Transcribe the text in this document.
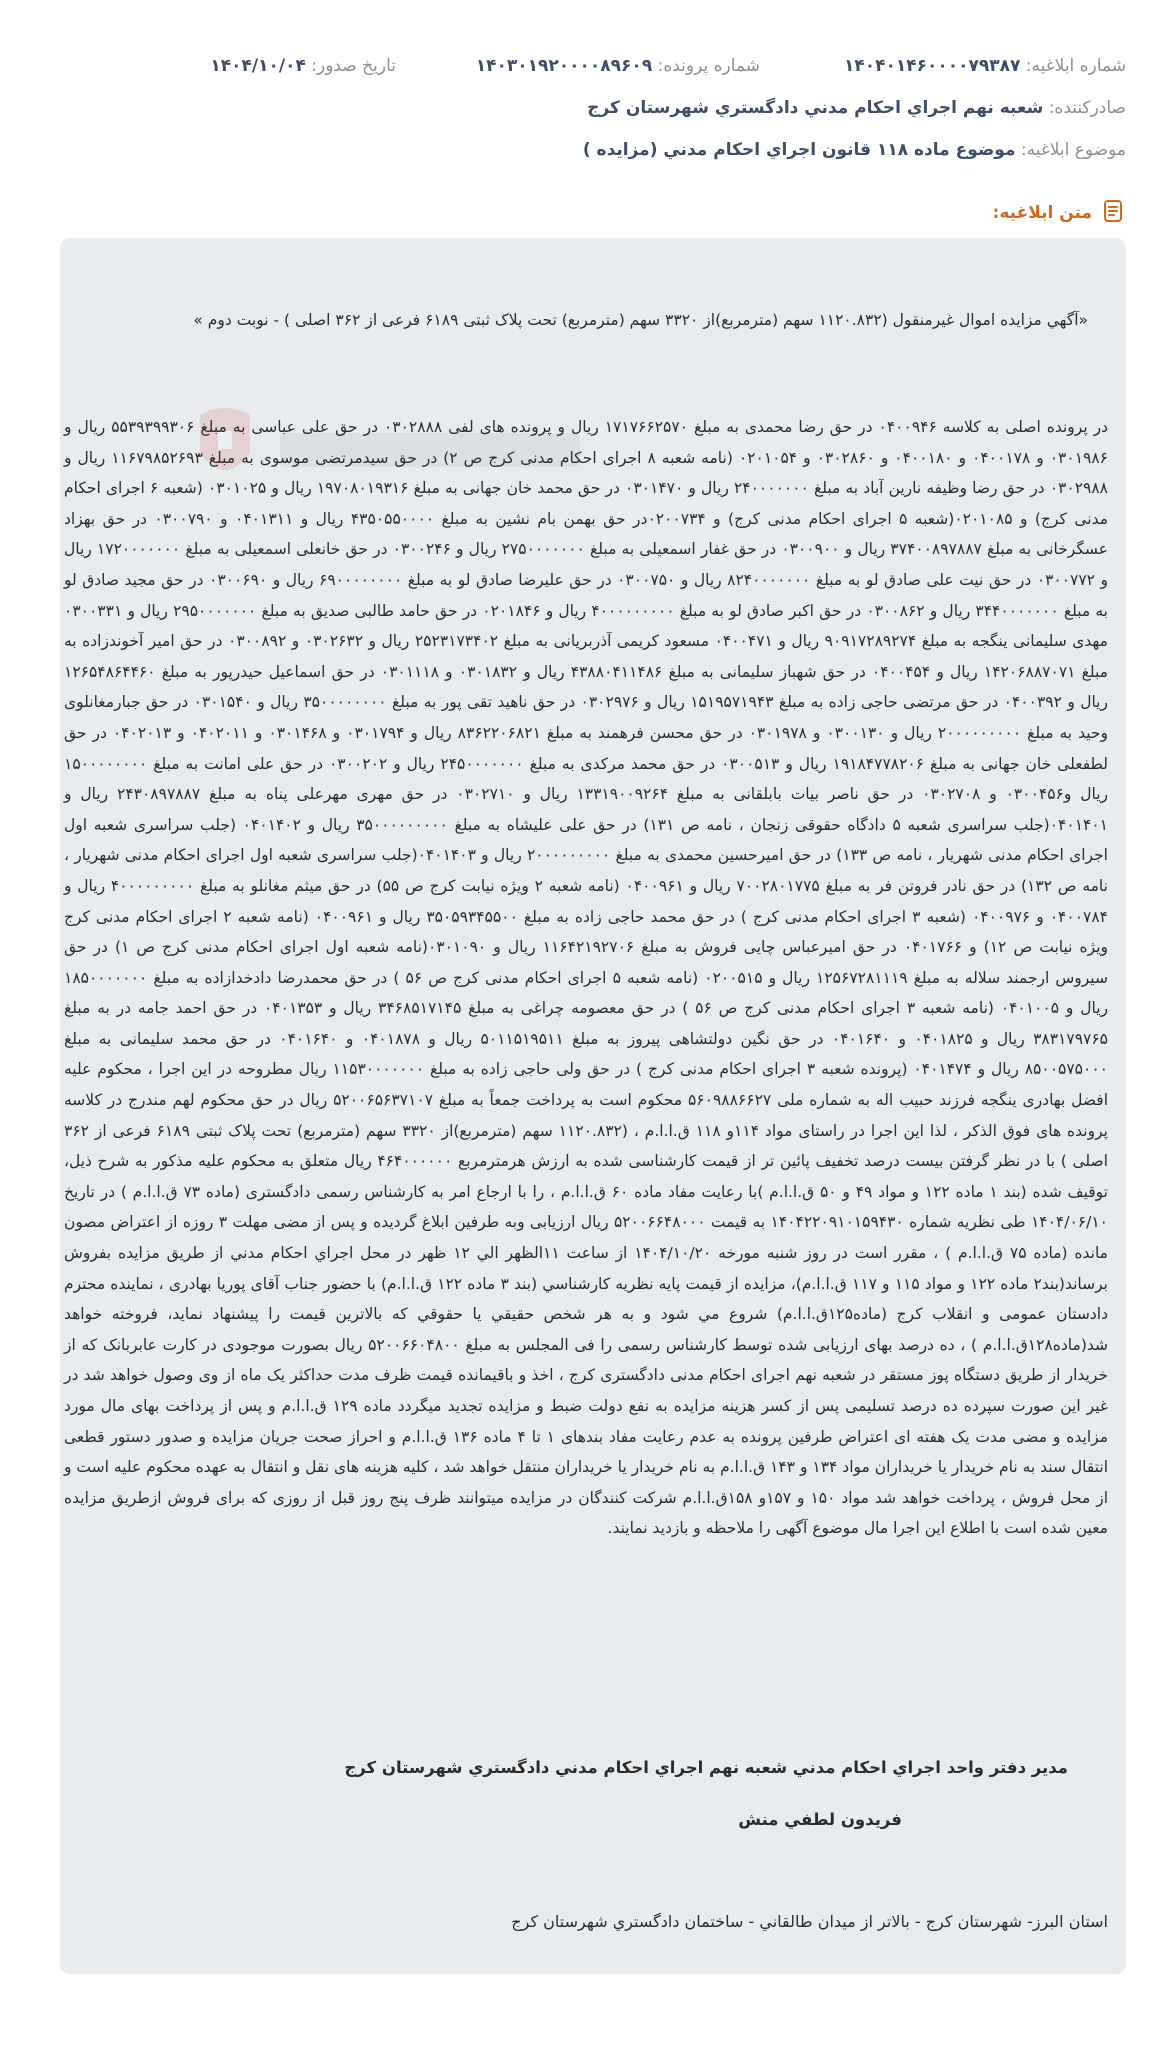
شماره ابلاغیه: ۱۴۰۴۰۱۴۶۰۰۰۰۷۹۳۸۷
شماره پرونده: ۱۴۰۳۰۱۹۲۰۰۰۰۸۹۶۰۹
تاریخ صدور: ۱۴۰۴/۱۰/۰۴
صادرکننده: شعبه نهم اجراي احكام مدني دادگستري شهرستان كرج
موضوع ابلاغیه: موضوع ماده ۱۱۸ قانون اجراي احكام مدني (مزايده )
متن ابلاغیه:
«آگهي مزايده اموال غيرمنقول (۱۱۲۰.۸۳۲ سهم (مترمربع)از ۳۳۲۰ سهم (مترمربع) تحت پلاک ثبتی ۶۱۸۹ فرعی از ۳۶۲ اصلی ) - نوبت دوم »
در پرونده اصلی به کلاسه ۰۴۰۰۹۴۶ در حق رضا محمدی به مبلغ ۱۷۱۷۶۶۲۵۷۰ ریال و پرونده های لفی ۰۳۰۲۸۸۸ در حق علی عباسی به مبلغ ۵۵۳۹۳۹۹۳۰۶ ریال و ۰۳۰۱۹۸۶ و ۰۴۰۰۱۷۸ و ۰۴۰۰۱۸۰ و ۰۳۰۲۸۶۰ و ۰۲۰۱۰۵۴ (نامه شعبه ۸ اجرای احکام مدنی کرج ص ۲) در حق سیدمرتضی موسوی به مبلغ ۱۱۶۷۹۸۵۲۶۹۳ ریال و ۰۳۰۲۹۸۸ در حق رضا وظیفه نارین آباد به مبلغ ۲۴۰۰۰۰۰۰۰ ریال و ۰۳۰۱۴۷۰ در حق محمد خان جهانی به مبلغ ۱۹۷۰۸۰۱۹۳۱۶ ریال و ۰۳۰۱۰۲۵ (شعبه ۶ اجرای احکام مدنی کرج) و ۰۲۰۱۰۸۵(شعبه ۵ اجرای احکام مدنی کرج) و ۰۲۰۰۷۳۴در حق بهمن بام نشین به مبلغ ۴۳۵۰۵۵۰۰۰۰ ریال و ۰۴۰۱۳۱۱ و ۰۳۰۰۷۹۰ در حق بهزاد عسگرخانی به مبلغ ۳۷۴۰۰۸۹۷۸۸۷ ریال و ۰۳۰۰۹۰۰ در حق غفار اسمعیلی به مبلغ ۲۷۵۰۰۰۰۰۰۰ ریال و ۰۳۰۰۲۴۶ در حق خانعلی اسمعیلی به مبلغ ۱۷۲۰۰۰۰۰۰۰ ریال و ۰۳۰۰۷۷۲ در حق نیت علی صادق لو به مبلغ ۸۲۴۰۰۰۰۰۰۰ ریال و ۰۳۰۰۷۵۰ در حق علیرضا صادق لو به مبلغ ۶۹۰۰۰۰۰۰۰۰ ریال و ۰۳۰۰۶۹۰ در حق مجید صادق لو به مبلغ ۳۴۴۰۰۰۰۰۰۰ ریال و ۰۳۰۰۸۶۲ در حق اکبر صادق لو به مبلغ ۴۰۰۰۰۰۰۰۰۰ ریال و ۰۲۰۱۸۴۶ در حق حامد طالبی صدیق به مبلغ ۲۹۵۰۰۰۰۰۰۰ ریال و ۰۳۰۰۳۳۱ مهدی سلیمانی ینگجه به مبلغ ۹۰۹۱۷۲۸۹۲۷۴ ریال و ۰۴۰۰۴۷۱ مسعود کریمی آذربریانی به مبلغ ۲۵۲۳۱۷۳۴۰۲ ریال و ۰۳۰۲۶۳۲ و ۰۳۰۰۸۹۲ در حق امیر آخوندزاده به مبلغ ۱۴۲۰۶۸۸۷۰۷۱ ریال و ۰۴۰۰۴۵۴ در حق شهباز سلیمانی به مبلغ ۴۳۸۸۰۴۱۱۴۸۶ ریال و ۰۳۰۱۸۳۲ و ۰۳۰۱۱۱۸ در حق اسماعیل حیدرپور به مبلغ ۱۲۶۵۴۸۶۴۴۶۰ ریال و ۰۴۰۰۳۹۲ در حق مرتضی حاجی زاده به مبلغ ۱۵۱۹۵۷۱۹۴۳ ریال و ۰۳۰۲۹۷۶ در حق ناهید تقی پور به مبلغ ۳۵۰۰۰۰۰۰۰۰ ریال و ۰۳۰۱۵۴۰ در حق جبارمغانلوی وحید به مبلغ ۲۰۰۰۰۰۰۰۰۰ ریال و ۰۳۰۰۱۳۰ و ۰۳۰۱۹۷۸ در حق محسن فرهمند به مبلغ ۸۳۶۲۲۰۶۸۲۱ ریال و ۰۳۰۱۷۹۴ و ۰۳۰۱۴۶۸ و ۰۴۰۲۰۱۱ و ۰۴۰۲۰۱۳ در حق لطفعلی خان جهانی به مبلغ ۱۹۱۸۴۷۷۸۲۰۶ ریال و ۰۳۰۰۵۱۳ در حق محمد مرکدی به مبلغ ۲۴۵۰۰۰۰۰۰۰ ریال و ۰۳۰۰۲۰۲ در حق علی امانت به مبلغ ۱۵۰۰۰۰۰۰۰۰ ریال و۰۳۰۰۴۵۶ و ۰۳۰۲۷۰۸ در حق ناصر بیات بابلقانی به مبلغ ۱۳۳۱۹۰۰۹۲۶۴ ریال و ۰۳۰۲۷۱۰ در حق مهری مهرعلی پناه به مبلغ ۲۴۳۰۸۹۷۸۸۷ ریال و ۰۴۰۱۴۰۱(جلب سراسری شعبه ۵ دادگاه حقوقی زنجان ، نامه ص ۱۳۱) در حق علی علیشاه به مبلغ ۳۵۰۰۰۰۰۰۰۰۰ ریال و ۰۴۰۱۴۰۲ (جلب سراسری شعبه اول اجرای احکام مدنی شهریار ، نامه ص ۱۳۳) در حق امیرحسین محمدی به مبلغ ۲۰۰۰۰۰۰۰۰۰ ریال و ۰۴۰۱۴۰۳(جلب سراسری شعبه اول اجرای احکام مدنی شهریار ، نامه ص ۱۳۲) در حق نادر فروتن فر به مبلغ ۷۰۰۲۸۰۱۷۷۵ ریال و ۰۴۰۰۹۶۱ (نامه شعبه ۲ ویژه نیابت کرج ص ۵۵) در حق میثم مغانلو به مبلغ ۴۰۰۰۰۰۰۰۰۰ ریال و ۰۴۰۰۷۸۴ و ۰۴۰۰۹۷۶ (شعبه ۳ اجرای احکام مدنی کرج ) در حق محمد حاجی زاده به مبلغ ۳۵۰۵۹۳۴۵۵۰۰ ریال و ۰۴۰۰۹۶۱ (نامه شعبه ۲ اجرای احکام مدنی کرج ویژه نیابت ص ۱۲) و ۰۴۰۱۷۶۶ در حق امیرعباس چایی فروش به مبلغ ۱۱۶۴۲۱۹۲۷۰۶ ریال و ۰۳۰۱۰۹۰(نامه شعبه اول اجرای احکام مدنی کرج ص ۱) در حق سیروس ارجمند سلاله به مبلغ ۱۲۵۶۷۲۸۱۱۱۹ ریال و ۰۲۰۰۵۱۵ (نامه شعبه ۵ اجرای احکام مدنی کرج ص ۵۶ ) در حق محمدرضا دادخدازاده به مبلغ ۱۸۵۰۰۰۰۰۰۰ ریال و ۰۴۰۱۰۰۵ (نامه شعبه ۳ اجرای احکام مدنی کرج ص ۵۶ ) در حق معصومه چراغی به مبلغ ۳۴۶۸۵۱۷۱۴۵ ریال و ۰۴۰۱۳۵۳ در حق احمد جامه در به مبلغ ۳۸۳۱۷۹۷۶۵ ریال و ۰۴۰۱۸۲۵ و ۰۴۰۱۶۴۰ در حق نگین دولتشاهی پیروز به مبلغ ۵۰۱۱۵۱۹۵۱۱ ریال و ۰۴۰۱۸۷۸ و ۰۴۰۱۶۴۰ در حق محمد سلیمانی به مبلغ ۸۵۰۰۵۷۵۰۰۰ ریال و ۰۴۰۱۴۷۴ (پرونده شعبه ۳ اجرای احکام مدنی کرج ) در حق ولی حاجی زاده به مبلغ ۱۱۵۳۰۰۰۰۰۰۰ ریال مطروحه در این اجرا ، محکوم علیه افضل بهادری ینگجه فرزند حبیب اله به شماره ملی ۵۶۰۹۸۸۶۶۲۷ محکوم است به پرداخت جمعاً به مبلغ ۵۲۰۰۶۵۶۳۷۱۰۷ ریال در حق محکوم لهم مندرج در کلاسه پرونده های فوق الذکر ، لذا این اجرا در راستای مواد ۱۱۴و ۱۱۸ ق.ا.ا.م ، (۱۱۲۰.۸۳۲ سهم (مترمربع)از ۳۳۲۰ سهم (مترمربع) تحت پلاک ثبتی ۶۱۸۹ فرعی از ۳۶۲ اصلی ) با در نظر گرفتن بیست درصد تخفیف پائین تر از قیمت کارشناسی شده به ارزش هرمترمربع ۴۶۴۰۰۰۰۰۰ ریال متعلق به محکوم علیه مذکور به شرح ذیل، توقیف شده (بند ۱ ماده ۱۲۲ و مواد ۴۹ و ۵۰ ق.ا.ا.م )با رعایت مفاد ماده ۶۰ ق.ا.ا.م ، را با ارجاع امر به کارشناس رسمی دادگستری (ماده ۷۳ ق.ا.ا.م ) در تاریخ ۱۴۰۴/۰۶/۱۰ طی نظریه شماره ۱۴۰۴۲۲۰۹۱۰۱۵۹۴۳۰ به قیمت ۵۲۰۰۶۶۴۸۰۰۰ ریال ارزیابی وبه طرفین ابلاغ گردیده و پس از مضی مهلت ۳ روزه از اعتراض مصون مانده (ماده ۷۵ ق.ا.ا.م ) ، مقرر است در روز شنبه مورخه ۱۴۰۴/۱۰/۲۰ از ساعت ۱۱الظهر الي ۱۲ ظهر در محل اجراي احكام مدني از طريق مزايده بفروش برساند(بند۲ ماده ۱۲۲ و مواد ۱۱۵ و ۱۱۷ ق.ا.ا.م)، مزايده از قيمت پايه نظريه كارشناسي (بند ۳ ماده ۱۲۲ ق.ا.ا.م) با حضور جناب آقای پوریا بهادری ، نماینده محترم دادستان عمومی و انقلاب کرج (ماده۱۲۵ق.ا.ا.م) شروع مي شود و به هر شخص حقيقي يا حقوقي كه بالاترين قيمت را پيشنهاد نمايد، فروخته خواهد شد(ماده۱۲۸ق.ا.ا.م ) ، ده درصد بهای ارزیابی شده توسط کارشناس رسمی را فی المجلس به مبلغ ۵۲۰۰۶۶۰۴۸۰۰ ریال بصورت موجودی در کارت عابربانک که از خریدار از طریق دستگاه پوز مستقر در شعبه نهم اجرای احکام مدنی دادگستری کرج ، اخذ و باقیمانده قیمت ظرف مدت حداکثر یک ماه از وی وصول خواهد شد در غیر این صورت سپرده ده درصد تسلیمی پس از کسر هزینه مزایده به نفع دولت ضبط و مزایده تجدید میگردد ماده ۱۲۹ ق.ا.ا.م و پس از پرداخت بهای مال مورد مزایده و مضی مدت یک هفته ای اعتراض طرفین پرونده به عدم رعایت مفاد بندهای ۱ تا ۴ ماده ۱۳۶ ق.ا.ا.م و احراز صحت جریان مزایده و صدور دستور قطعی انتقال سند به نام خریدار یا خریداران مواد ۱۳۴ و ۱۴۳ ق.ا.ا.م به نام خریدار یا خریداران منتقل خواهد شد ، کلیه هزینه های نقل و انتقال به عهده محکوم علیه است و از محل فروش ، پرداخت خواهد شد مواد ۱۵۰ و ۱۵۷و ۱۵۸ق.ا.ا.م شرکت کنندگان در مزایده میتوانند ظرف پنج روز قبل از روزی که برای فروش ازطریق مزایده معین شده است با اطلاع این اجرا مال موضوع آگهی را ملاحظه و بازدید نمایند.
مدير دفتر واحد اجراي احكام مدني شعبه نهم اجراي احكام مدني دادگستري شهرستان كرج
فريدون لطفي منش
استان البرز- شهرستان كرج - بالاتر از ميدان طالقاني - ساختمان دادگستري شهرستان كرج
